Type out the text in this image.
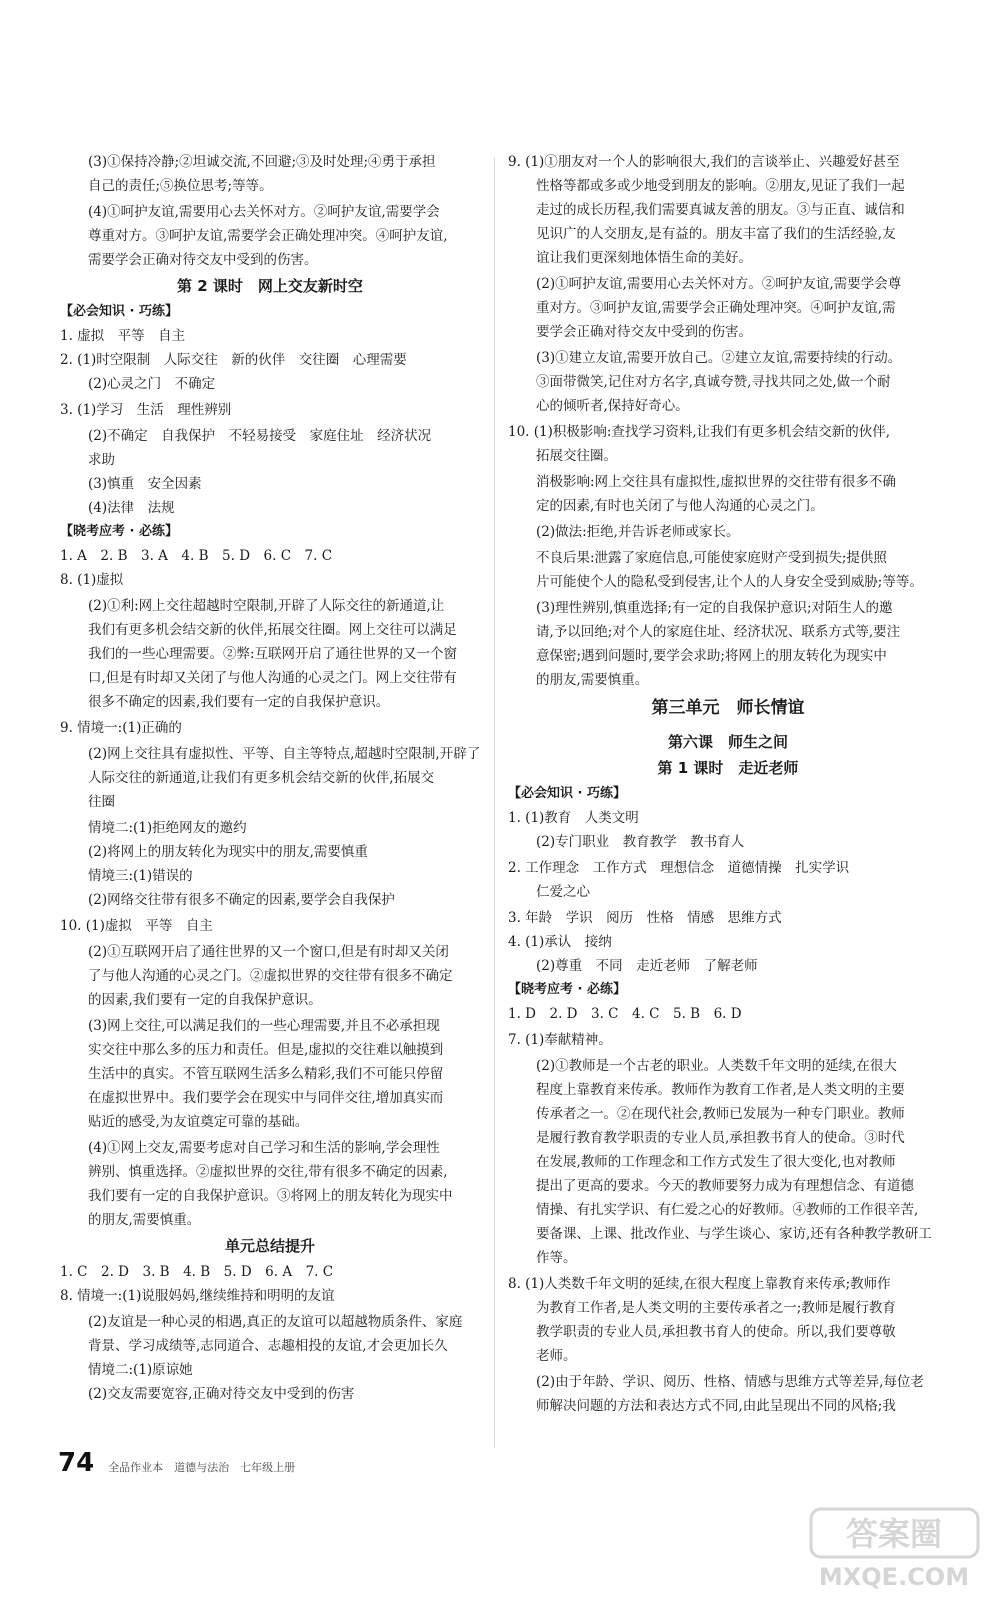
(3)①保持冷静;②坦诚交流,不回避;③及时处理;④勇于承担
自己的责任;⑤换位思考;等等。
(4)①呵护友谊,需要用心去关怀对方。②呵护友谊,需要学会
尊重对方。③呵护友谊,需要学会正确处理冲突。④呵护友谊,
需要学会正确对待交友中受到的伤害。
第 2 课时　网上交友新时空
【必会知识 · 巧练】
1. 虚拟　平等　自主
2. (1)时空限制　人际交往　新的伙伴　交往圈　心理需要
(2)心灵之门　不确定
3. (1)学习　生活　理性辨别
(2)不确定　自我保护　不轻易接受　家庭住址　经济状况
求助
(3)慎重　安全因素
(4)法律　法规
【晓考应考 · 必练】
1. A　2. B　3. A　4. B　5. D　6. C　7. C
8. (1)虚拟
(2)①利:网上交往超越时空限制,开辟了人际交往的新通道,让
我们有更多机会结交新的伙伴,拓展交往圈。网上交往可以满足
我们的一些心理需要。②弊:互联网开启了通往世界的又一个窗
口,但是有时却又关闭了与他人沟通的心灵之门。网上交往带有
很多不确定的因素,我们要有一定的自我保护意识。
9. 情境一:(1)正确的
(2)网上交往具有虚拟性、平等、自主等特点,超越时空限制,开辟了
人际交往的新通道,让我们有更多机会结交新的伙伴,拓展交
往圈
情境二:(1)拒绝网友的邀约
(2)将网上的朋友转化为现实中的朋友,需要慎重
情境三:(1)错误的
(2)网络交往带有很多不确定的因素,要学会自我保护
10. (1)虚拟　平等　自主
(2)①互联网开启了通往世界的又一个窗口,但是有时却又关闭
了与他人沟通的心灵之门。②虚拟世界的交往带有很多不确定
的因素,我们要有一定的自我保护意识。
(3)网上交往,可以满足我们的一些心理需要,并且不必承担现
实交往中那么多的压力和责任。但是,虚拟的交往难以触摸到
生活中的真实。不管互联网生活多么精彩,我们不可能只停留
在虚拟世界中。我们要学会在现实中与同伴交往,增加真实而
贴近的感受,为友谊奠定可靠的基础。
(4)①网上交友,需要考虑对自己学习和生活的影响,学会理性
辨别、慎重选择。②虚拟世界的交往,带有很多不确定的因素,
我们要有一定的自我保护意识。③将网上的朋友转化为现实中
的朋友,需要慎重。
单元总结提升
1. C　2. D　3. B　4. B　5. D　6. A　7. C
8. 情境一:(1)说服妈妈,继续维持和明明的友谊
(2)友谊是一种心灵的相遇,真正的友谊可以超越物质条件、家庭
背景、学习成绩等,志同道合、志趣相投的友谊,才会更加长久
情境二:(1)原谅她
(2)交友需要宽容,正确对待交友中受到的伤害
9. (1)①朋友对一个人的影响很大,我们的言谈举止、兴趣爱好甚至
性格等都或多或少地受到朋友的影响。②朋友,见证了我们一起
走过的成长历程,我们需要真诚友善的朋友。③与正直、诚信和
见识广的人交朋友,是有益的。朋友丰富了我们的生活经验,友
谊让我们更深刻地体悟生命的美好。
(2)①呵护友谊,需要用心去关怀对方。②呵护友谊,需要学会尊
重对方。③呵护友谊,需要学会正确处理冲突。④呵护友谊,需
要学会正确对待交友中受到的伤害。
(3)①建立友谊,需要开放自己。②建立友谊,需要持续的行动。
③面带微笑,记住对方名字,真诚夸赞,寻找共同之处,做一个耐
心的倾听者,保持好奇心。
10. (1)积极影响:查找学习资料,让我们有更多机会结交新的伙伴,
拓展交往圈。
消极影响:网上交往具有虚拟性,虚拟世界的交往带有很多不确
定的因素,有时也关闭了与他人沟通的心灵之门。
(2)做法:拒绝,并告诉老师或家长。
不良后果:泄露了家庭信息,可能使家庭财产受到损失;提供照
片可能使个人的隐私受到侵害,让个人的人身安全受到威胁;等等。
(3)理性辨别,慎重选择;有一定的自我保护意识;对陌生人的邀
请,予以回绝;对个人的家庭住址、经济状况、联系方式等,要注
意保密;遇到问题时,要学会求助;将网上的朋友转化为现实中
的朋友,需要慎重。
第三单元　师长情谊
第六课　师生之间
第 1 课时　走近老师
【必会知识 · 巧练】
1. (1)教育　人类文明
(2)专门职业　教育教学　教书育人
2. 工作理念　工作方式　理想信念　道德情操　扎实学识
仁爱之心
3. 年龄　学识　阅历　性格　情感　思维方式
4. (1)承认　接纳
(2)尊重　不同　走近老师　了解老师
【晓考应考 · 必练】
1. D　2. D　3. C　4. C　5. B　6. D
7. (1)奉献精神。
(2)①教师是一个古老的职业。人类数千年文明的延续,在很大
程度上靠教育来传承。教师作为教育工作者,是人类文明的主要
传承者之一。②在现代社会,教师已发展为一种专门职业。教师
是履行教育教学职责的专业人员,承担教书育人的使命。③时代
在发展,教师的工作理念和工作方式发生了很大变化,也对教师
提出了更高的要求。今天的教师要努力成为有理想信念、有道德
情操、有扎实学识、有仁爱之心的好教师。④教师的工作很辛苦,
要备课、上课、批改作业、与学生谈心、家访,还有各种教学教研工
作等。
8. (1)人类数千年文明的延续,在很大程度上靠教育来传承;教师作
为教育工作者,是人类文明的主要传承者之一;教师是履行教育
教学职责的专业人员,承担教书育人的使命。所以,我们要尊敬
老师。
(2)由于年龄、学识、阅历、性格、情感与思维方式等差异,每位老
师解决问题的方法和表达方式不同,由此呈现出不同的风格;我
74 全品作业本　道德与法治　七年级上册
答案圈
MXQE.COM
